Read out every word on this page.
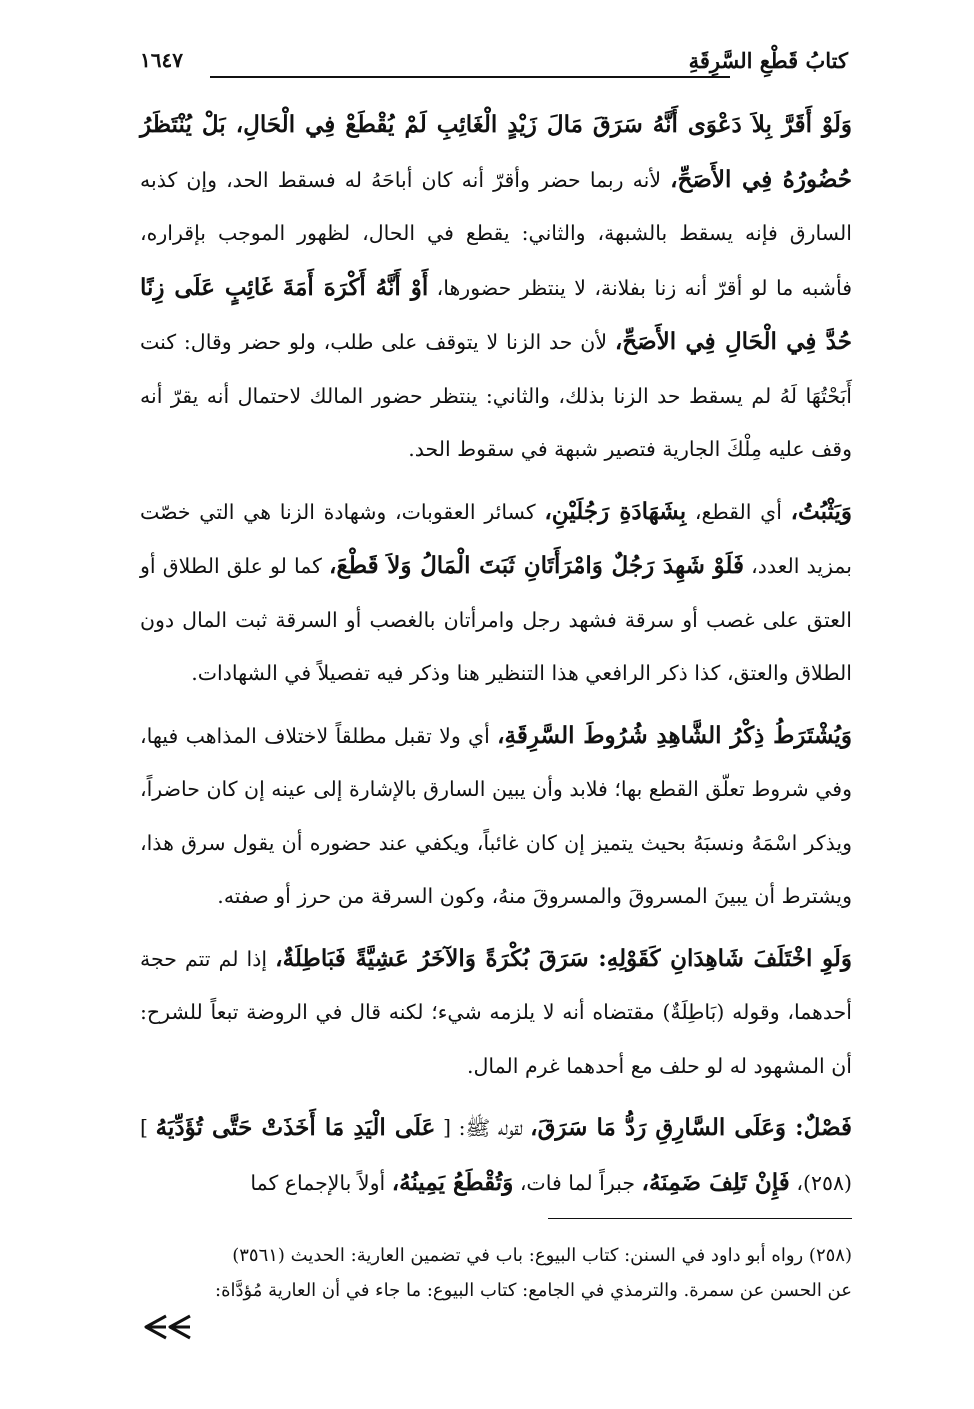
كتابُ قَطْعِ السَّرِقَةِ
١٦٤٧

وَلَوْ أَقَرَّ بِلاَ دَعْوَى أَنَّهُ سَرَقَ مَالَ زَيْدٍ الْغَائِبِ لَمْ يُقْطَعْ فِي الْحَالِ، بَلْ يُنْتَظَرُ حُضُورُهُ فِي الأَصَحِّ، لأنه ربما حضر وأقرّ أنه كان أباحَهُ له فسقط الحد، وإن كذبه السارق فإنه يسقط بالشبهة، والثاني: يقطع في الحال، لظهور الموجب بإقراره، فأشبه ما لو أقرّ أنه زنا بفلانة، لا ينتظر حضورها، أَوْ أَنَّهُ أَكْرَهَ أَمَةَ غَائِبٍ عَلَى زِنًا حُدَّ فِي الْحَالِ فِي الأَصَحِّ، لأن حد الزنا لا يتوقف على طلب، ولو حضر وقال: كنت أَبَحْتُهَا لَهُ لم يسقط حد الزنا بذلك، والثاني: ينتظر حضور المالك لاحتمال أنه يقرّ أنه وقف عليه مِلْكَ الجارية فتصير شبهة في سقوط الحد.

وَيَثْبُتُ، أي القطع، بِشَهَادَةِ رَجُلَيْنِ، كسائر العقوبات، وشهادة الزنا هي التي خصّت بمزيد العدد، فَلَوْ شَهِدَ رَجُلٌ وَامْرَأَتَانِ ثَبَتَ الْمَالُ وَلاَ قَطْعَ، كما لو علق الطلاق أو العتق على غصب أو سرقة فشهد رجل وامرأتان بالغصب أو السرقة ثبت المال دون الطلاق والعتق، كذا ذكر الرافعي هذا التنظير هنا وذكر فيه تفصيلاً في الشهادات.

وَيُشْتَرَطُ ذِكْرُ الشَّاهِدِ شُرُوطَ السَّرِقَةِ، أي ولا تقبل مطلقاً لاختلاف المذاهب فيها، وفي شروط تعلّق القطع بها؛ فلابد وأن يبين السارق بالإشارة إلى عينه إن كان حاضراً، ويذكر اسْمَهُ ونسبَهُ بحيث يتميز إن كان غائباً، ويكفي عند حضوره أن يقول سرق هذا، ويشترط أن يبينَ المسروقَ والمسروقَ منهُ، وكون السرقة من حرز أو صفته.

وَلَوِ اخْتَلَفَ شَاهِدَانِ كَقَوْلِهِ: سَرَقَ بُكْرَةً وَالآخَرُ عَشِيَّةً فَبَاطِلَةٌ، إذا لم تتم حجة أحدهما، وقوله (بَاطِلَةٌ) مقتضاه أنه لا يلزمه شيء؛ لكنه قال في الروضة تبعاً للشرح: أن المشهود له لو حلف مع أحدهما غرم المال.

فَصْلٌ: وَعَلَى السَّارِقِ رَدُّ مَا سَرَقَ، لقوله ﷺ: [ عَلَى الْيَدِ مَا أَخَذَتْ حَتَّى تُؤَدِّيَهُ ](٢٥٨)، فَإِنْ تَلِفَ ضَمِنَهُ، جبراً لما فات، وَتُقْطَعُ يَمِينُهُ، أولاً بالإجماع كما

(٢٥٨) رواه أبو داود في السنن: كتاب البيوع: باب في تضمين العارية: الحديث (٣٥٦١)

عن الحسن عن سمرة. والترمذي في الجامع: كتاب البيوع: ما جاء في أن العارية مُؤدَّاة:
